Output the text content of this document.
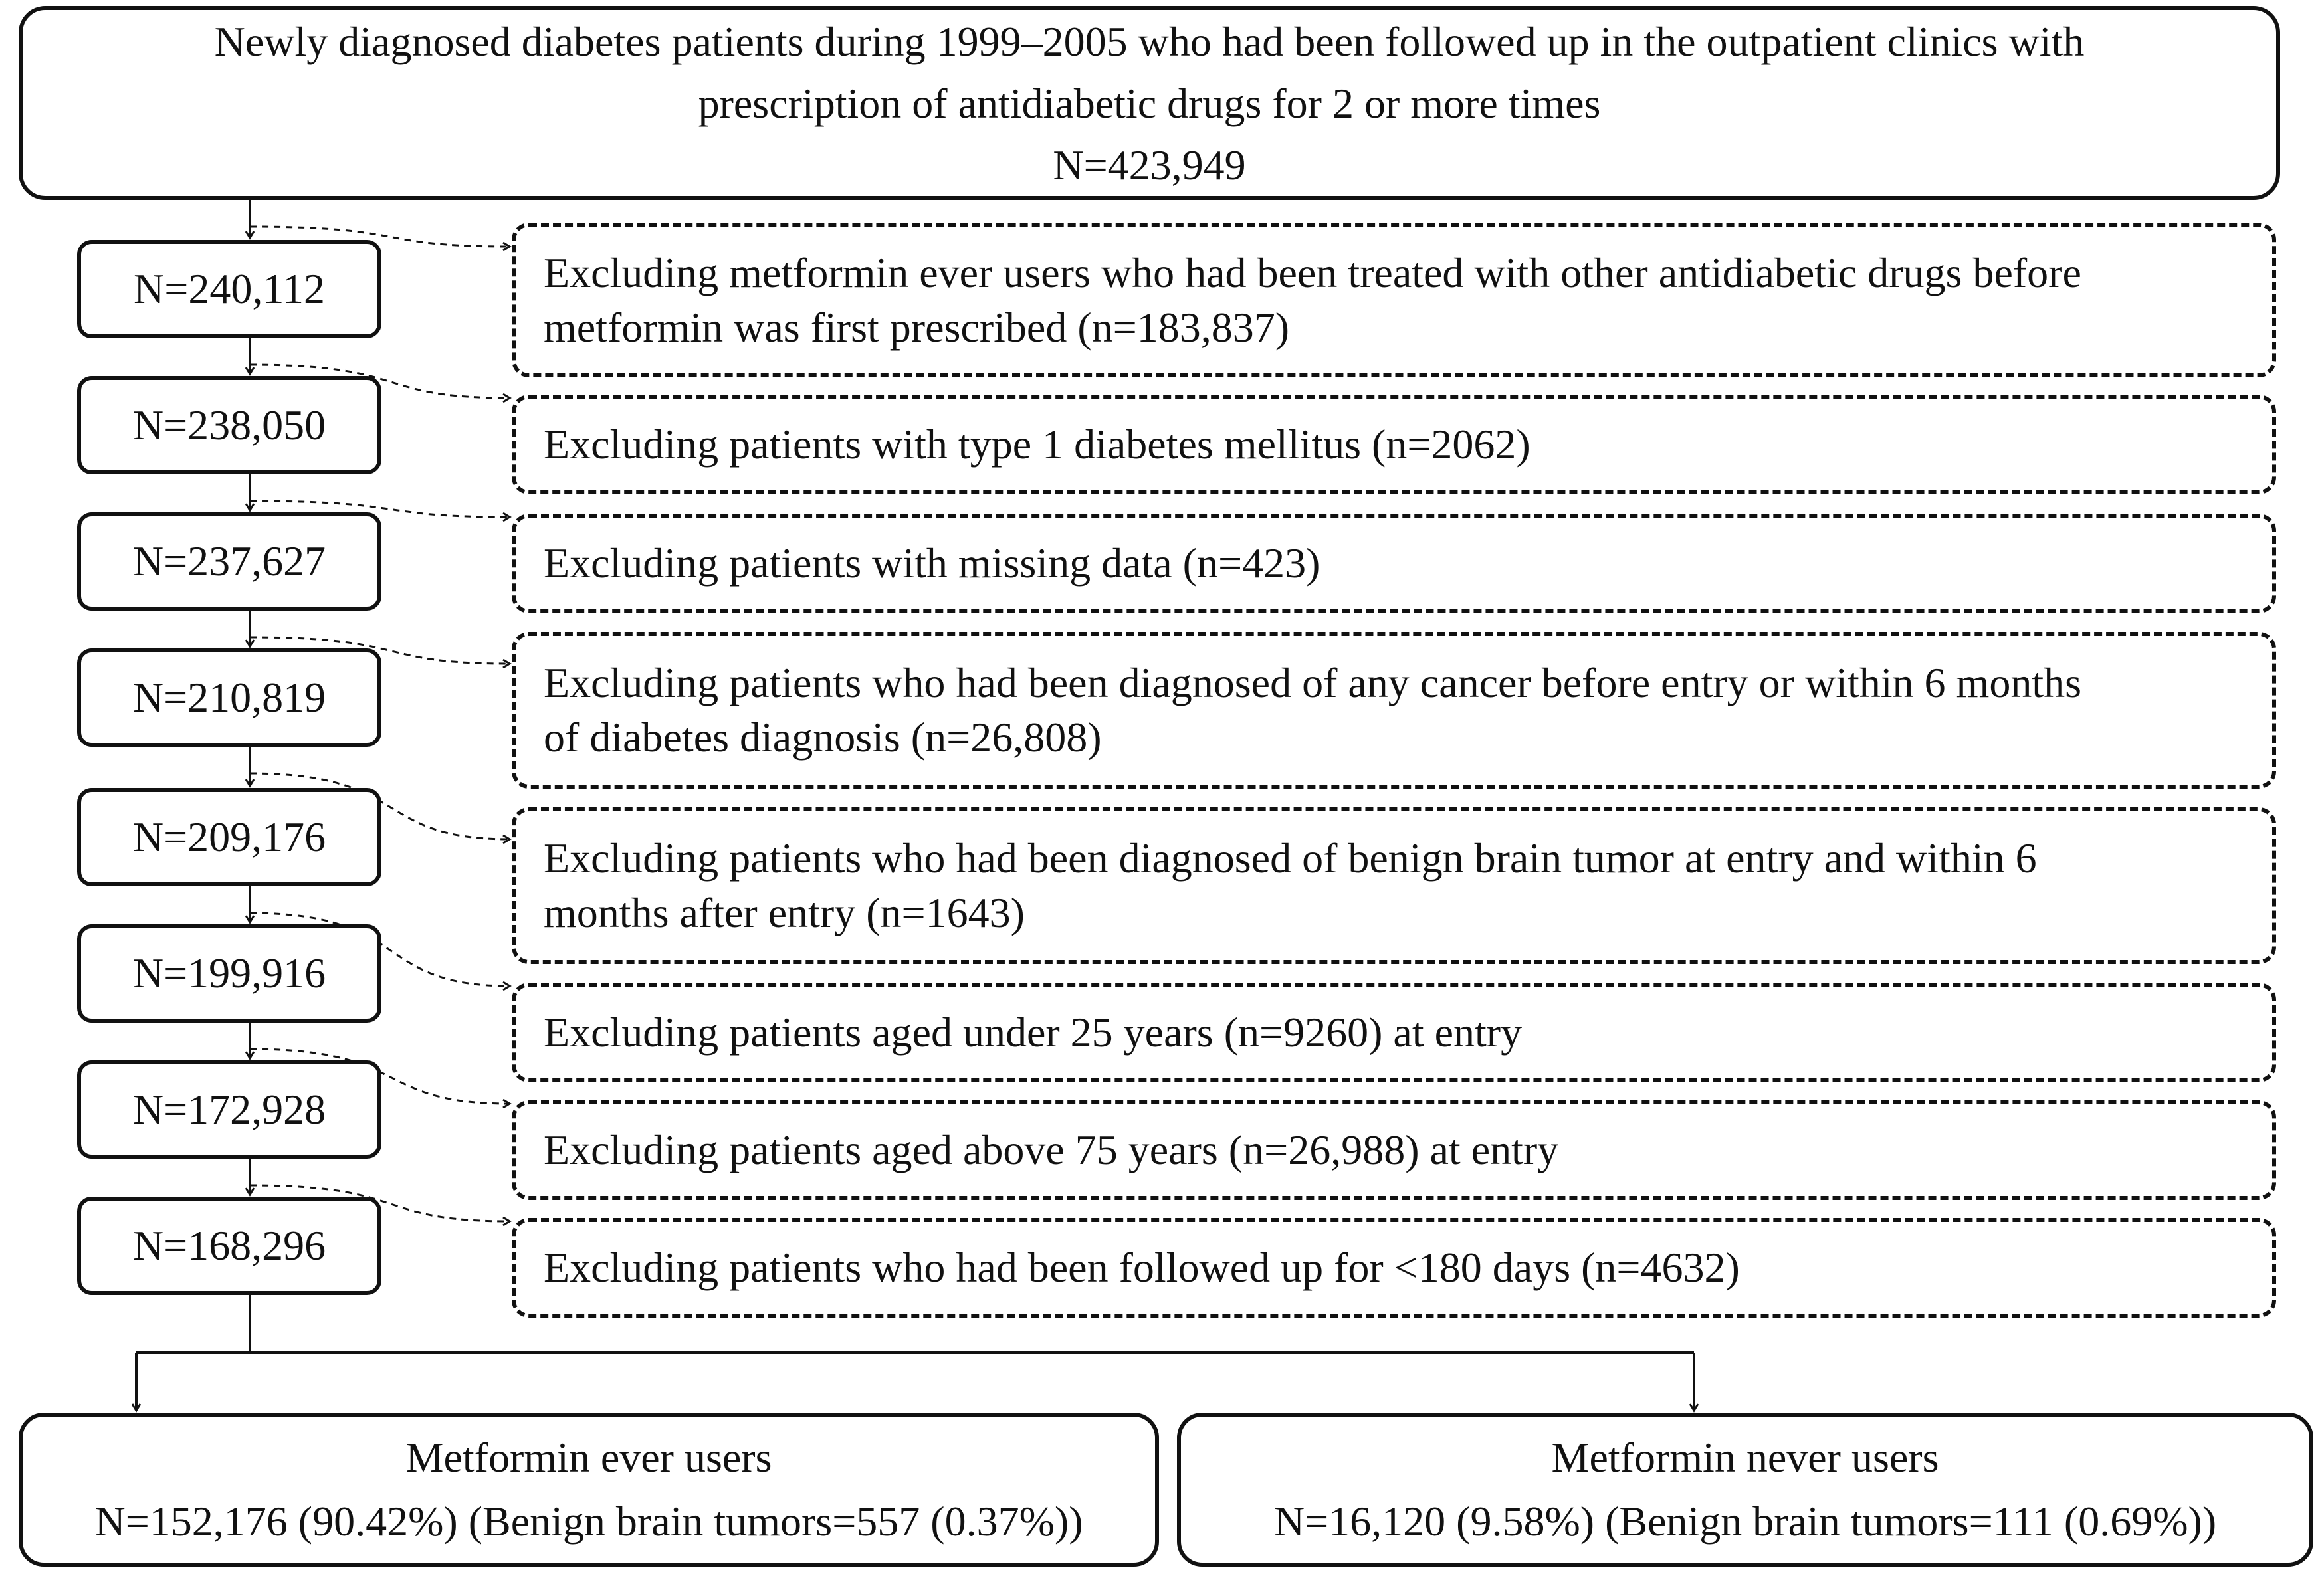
Newly diagnosed diabetes patients during 1999–2005 who had been followed up in the outpatient clinics with
prescription of antidiabetic drugs for 2 or more times
N=423,949
N=240,112
N=238,050
N=237,627
N=210,819
N=209,176
N=199,916
N=172,928
N=168,296
Excluding metformin ever users who had been treated with other antidiabetic drugs before
metformin was first prescribed (n=183,837)
Excluding patients with type 1 diabetes mellitus (n=2062)
Excluding patients with missing data (n=423)
Excluding patients who had been diagnosed of any cancer before entry or within 6 months
of diabetes diagnosis (n=26,808)
Excluding patients who had been diagnosed of benign brain tumor at entry and within 6
months after entry (n=1643)
Excluding patients aged under 25 years (n=9260) at entry
Excluding patients aged above 75 years (n=26,988) at entry
Excluding patients who had been followed up for <180 days (n=4632)
Metformin ever users
N=152,176 (90.42%) (Benign brain tumors=557 (0.37%))
Metformin never users
N=16,120 (9.58%) (Benign brain tumors=111 (0.69%))
